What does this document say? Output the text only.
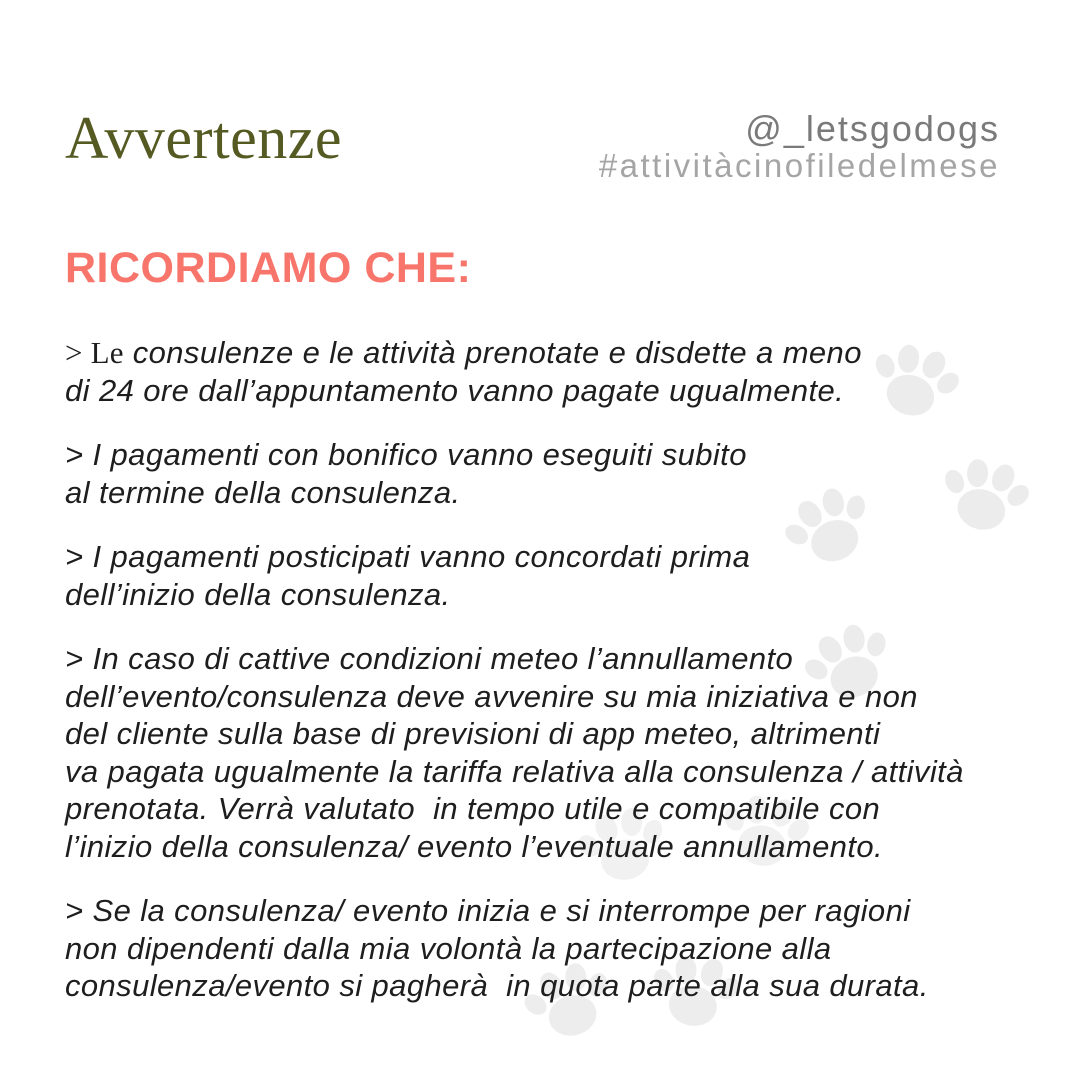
Avvertenze	@_letsgodogs
#attivitàcinofiledelmese
RICORDIAMO CHE:
> Le consulenze e le attività prenotate e disdette a meno
di 24 ore dall’appuntamento vanno pagate ugualmente.
> I pagamenti con bonifico vanno eseguiti subito
al termine della consulenza.
> I pagamenti posticipati vanno concordati prima
dell’inizio della consulenza.
> In caso di cattive condizioni meteo l’annullamento
dell’evento/consulenza deve avvenire su mia iniziativa e non
del cliente sulla base di previsioni di app meteo, altrimenti
va pagata ugualmente la tariffa relativa alla consulenza / attività
prenotata. Verrà valutato  in tempo utile e compatibile con
l’inizio della consulenza/ evento l’eventuale annullamento.
> Se la consulenza/ evento inizia e si interrompe per ragioni
non dipendenti dalla mia volontà la partecipazione alla
consulenza/evento si pagherà  in quota parte alla sua durata.
